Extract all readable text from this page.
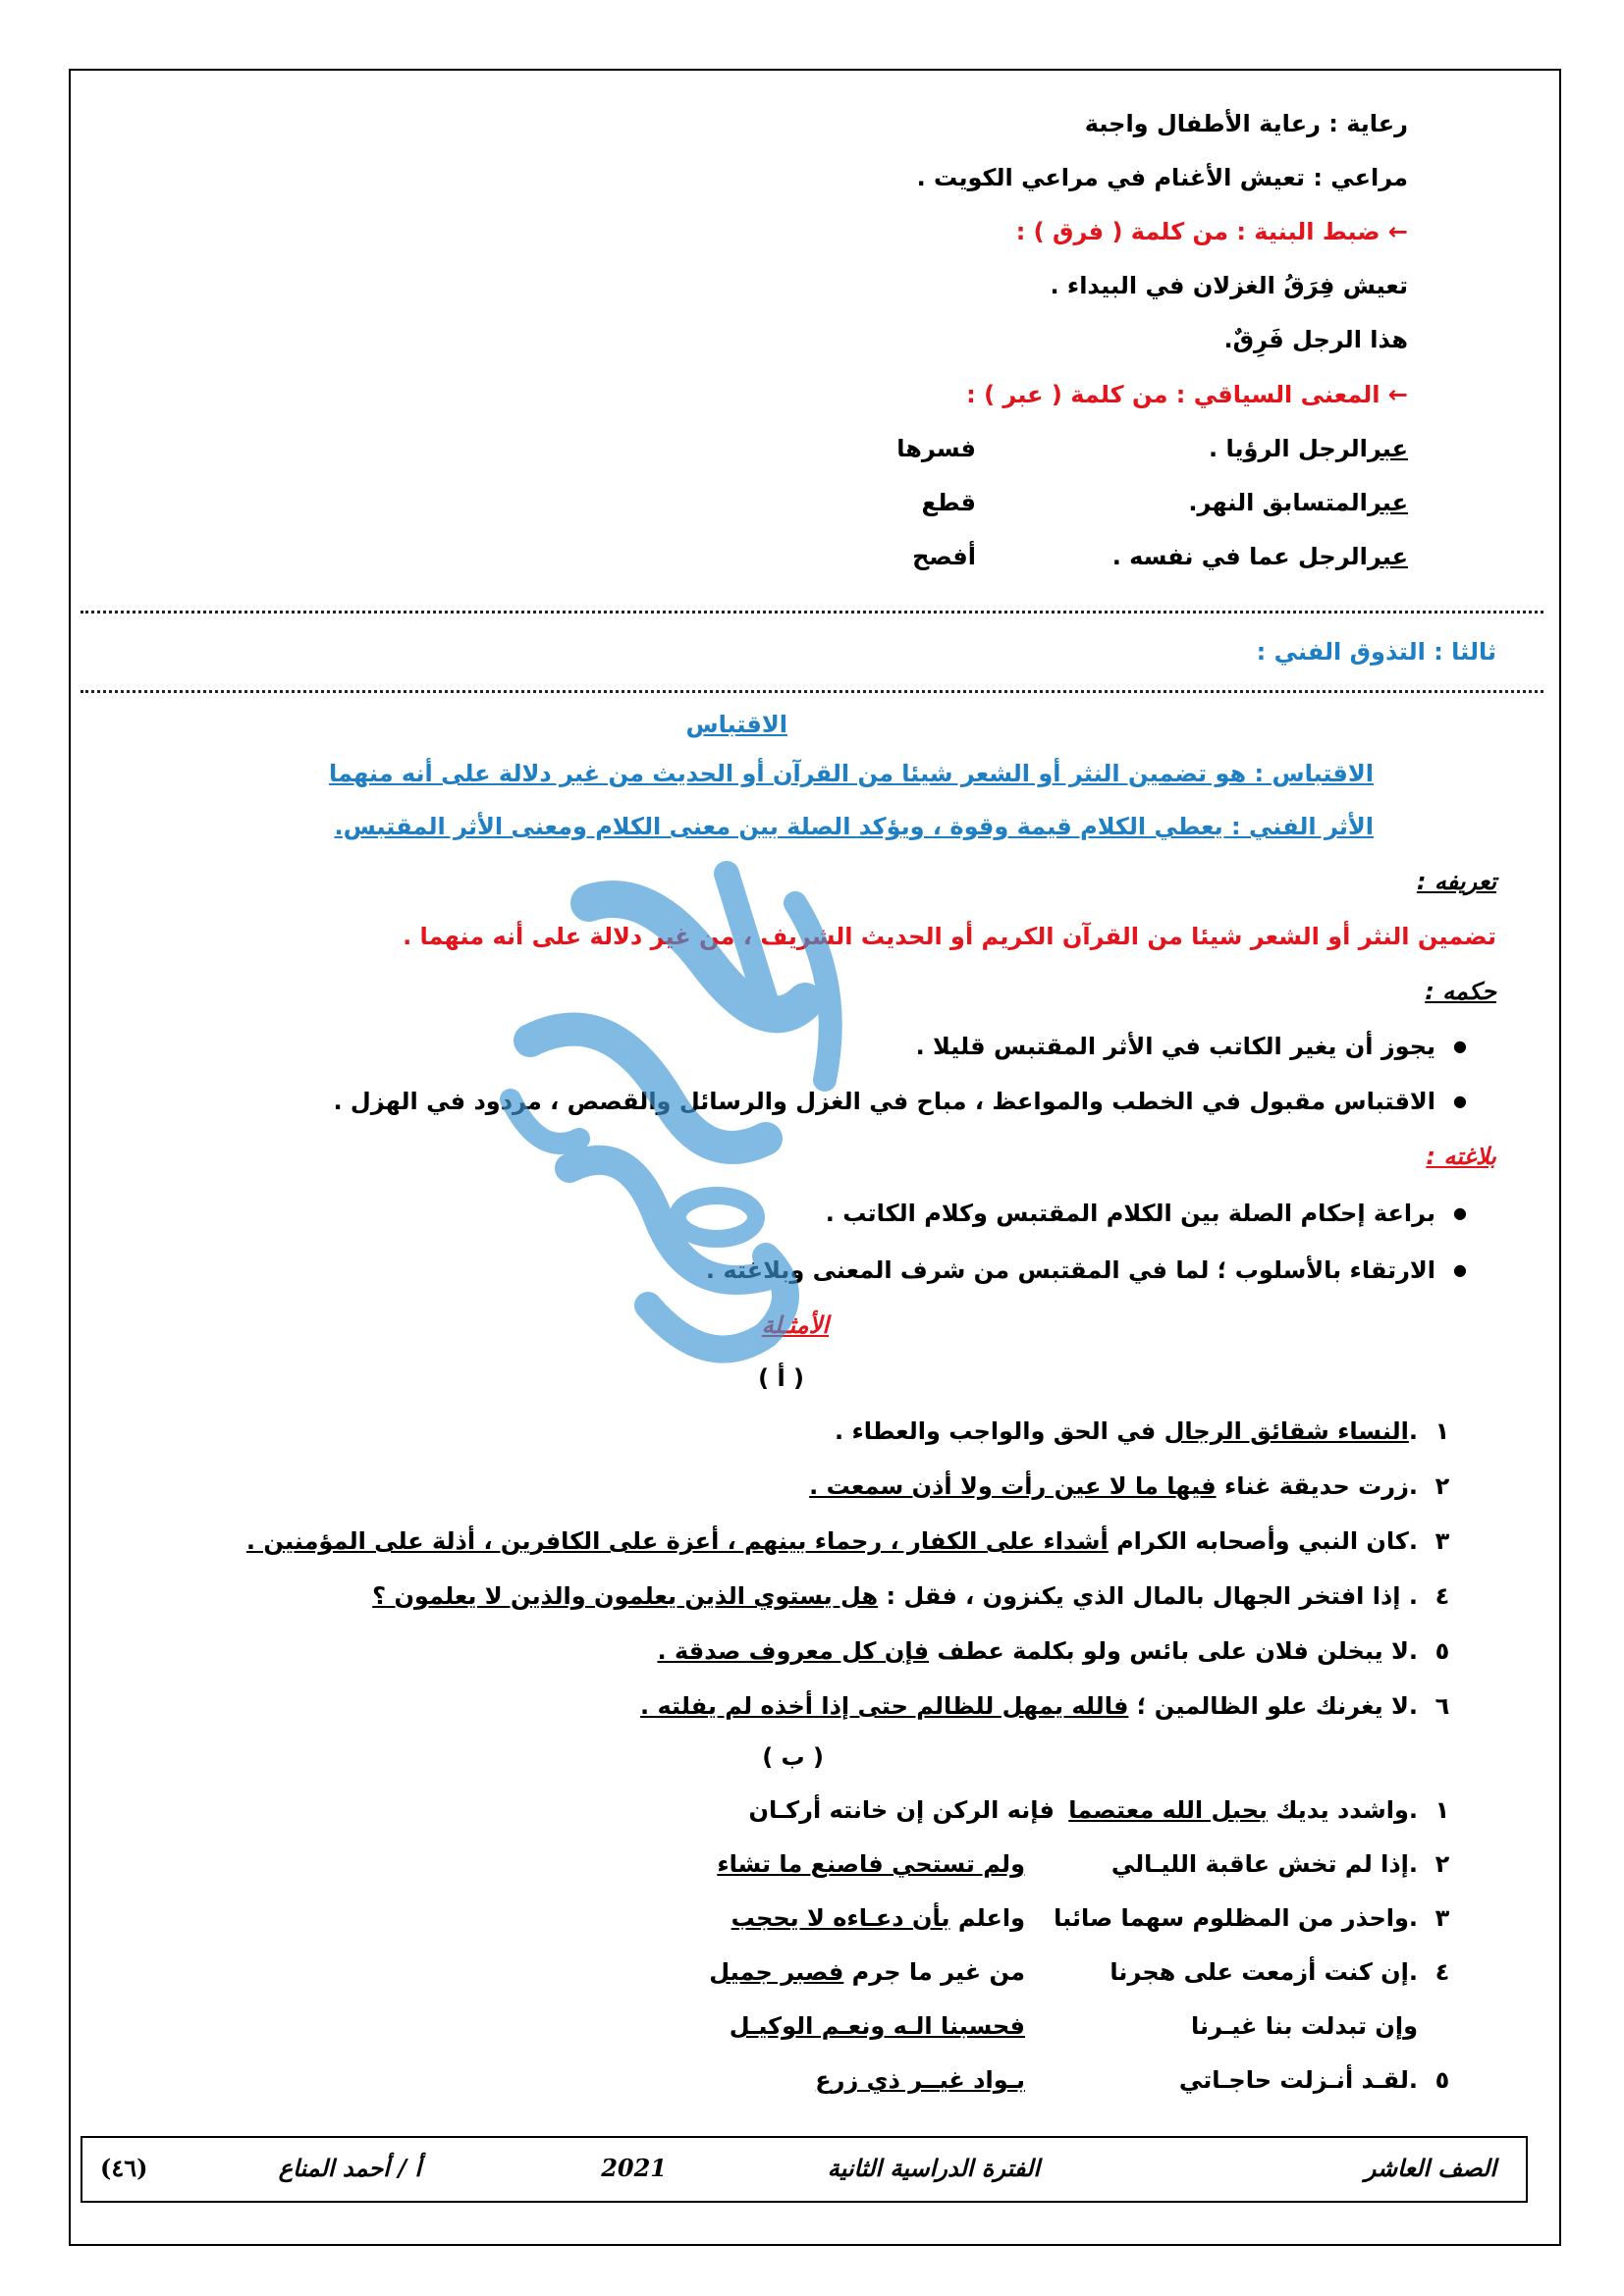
رعاية : رعاية الأطفال واجبة
مراعي : تعيش الأغنام في مراعي الكويت .
← ضبط البنية : من كلمة ( فرق ) :
تعيش فِرَقُ الغزلان في البيداء .
هذا الرجل فَرِقٌ.
← المعنى السياقي : من كلمة ( عبر ) :
عبرالرجل الرؤيا .
فسرها
عبرالمتسابق النهر.
قطع
عبرالرجل عما في نفسه .
أفصح
ثالثا : التذوق الفني :
الاقتباس
الاقتباس : هو تضمين النثر أو الشعر شيئا من القرآن أو الحديث من غير دلالة على أنه منهما
الأثر الفني : يعطي الكلام قيمة وقوة ، ويؤكد الصلة بين معنى الكلام ومعنى الأثر المقتبس.
تعريفه :
تضمين النثر أو الشعر شيئا من القرآن الكريم أو الحديث الشريف ، من غير دلالة على أنه منهما .
حكمه :
● يجوز أن يغير الكاتب في الأثر المقتبس قليلا .
● الاقتباس مقبول في الخطب والمواعظ ، مباح في الغزل والرسائل والقصص ، مردود في الهزل .
بلاغته :
● براعة إحكام الصلة بين الكلام المقتبس وكلام الكاتب .
● الارتقاء بالأسلوب ؛ لما في المقتبس من شرف المعنى وبلاغته .
الأمثـلة
( أ )
١.النساء شقائق الرجال في الحق والواجب والعطاء .
٢.زرت حديقة غناء فيها ما لا عين رأت ولا أذن سمعت .
٣.كان النبي وأصحابه الكرام أشداء على الكفار ، رحماء بينهم ، أعزة على الكافرين ، أذلة على المؤمنين .
٤. إذا افتخر الجهال بالمال الذي يكنزون ، فقل : هل يستوي الذين يعلمون والذين لا يعلمون ؟
٥.لا يبخلن فلان على بائس ولو بكلمة عطف فإن كل معروف صدقة .
٦.لا يغرنك علو الظالمين ؛ فالله يمهل للظالم حتى إذا أخذه لم يفلته .
( ب )
١.واشدد يديك بحبل الله معتصما
فإنه الركن إن خانته أركـان
٢.إذا لم تخش عاقبة الليـالي
ولم تستحي فاصنع ما تشاء
٣.واحذر من المظلوم سهما صائبا
واعلم بأن دعـاءه لا يحجب
٤.إن كنت أزمعت على هجرنا
من غير ما جرم فصبر جميل
وإن تبدلت بنا غيـرنا
فحسبنا الـه ونعـم الوكيـل
٥.لقـد أنـزلت حاجـاتي
بـواد غيــر ذي زرع
الصف العاشر
الفترة الدراسية الثانية
2021
أ / أحمد المناع
(٤٦)
